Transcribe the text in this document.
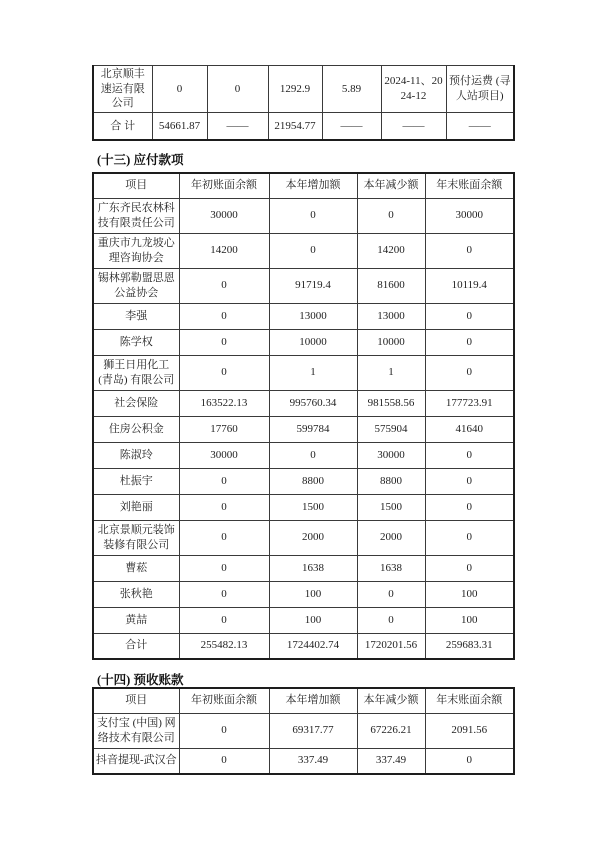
北京顺丰速运有限公司	0	0	1292.9	5.89	2024-11、2024-12	预付运费 (寻人站项目)
合 计	54661.87	——	21954.77	——	——	——
(十三) 应付款项
项目	年初账面余额	本年增加额	本年减少额	年末账面余额
广东齐民农林科技有限责任公司	30000	0	0	30000
重庆市九龙坡心理咨询协会	14200	0	14200	0
锡林郭勒盟思恩公益协会	0	91719.4	81600	10119.4
李强	0	13000	13000	0
陈学权	0	10000	10000	0
狮王日用化工(青岛) 有限公司	0	1	1	0
社会保险	163522.13	995760.34	981558.56	177723.91
住房公积金	17760	599784	575904	41640
陈淑玲	30000	0	30000	0
杜振宇	0	8800	8800	0
刘艳丽	0	1500	1500	0
北京景顺元装饰装修有限公司	0	2000	2000	0
曹菘	0	1638	1638	0
张秋艳	0	100	0	100
黄喆	0	100	0	100
合计	255482.13	1724402.74	1720201.56	259683.31
(十四) 预收账款
项目	年初账面余额	本年增加额	本年减少额	年末账面余额
支付宝 (中国) 网络技术有限公司	0	69317.77	67226.21	2091.56
抖音提现-武汉合	0	337.49	337.49	0
